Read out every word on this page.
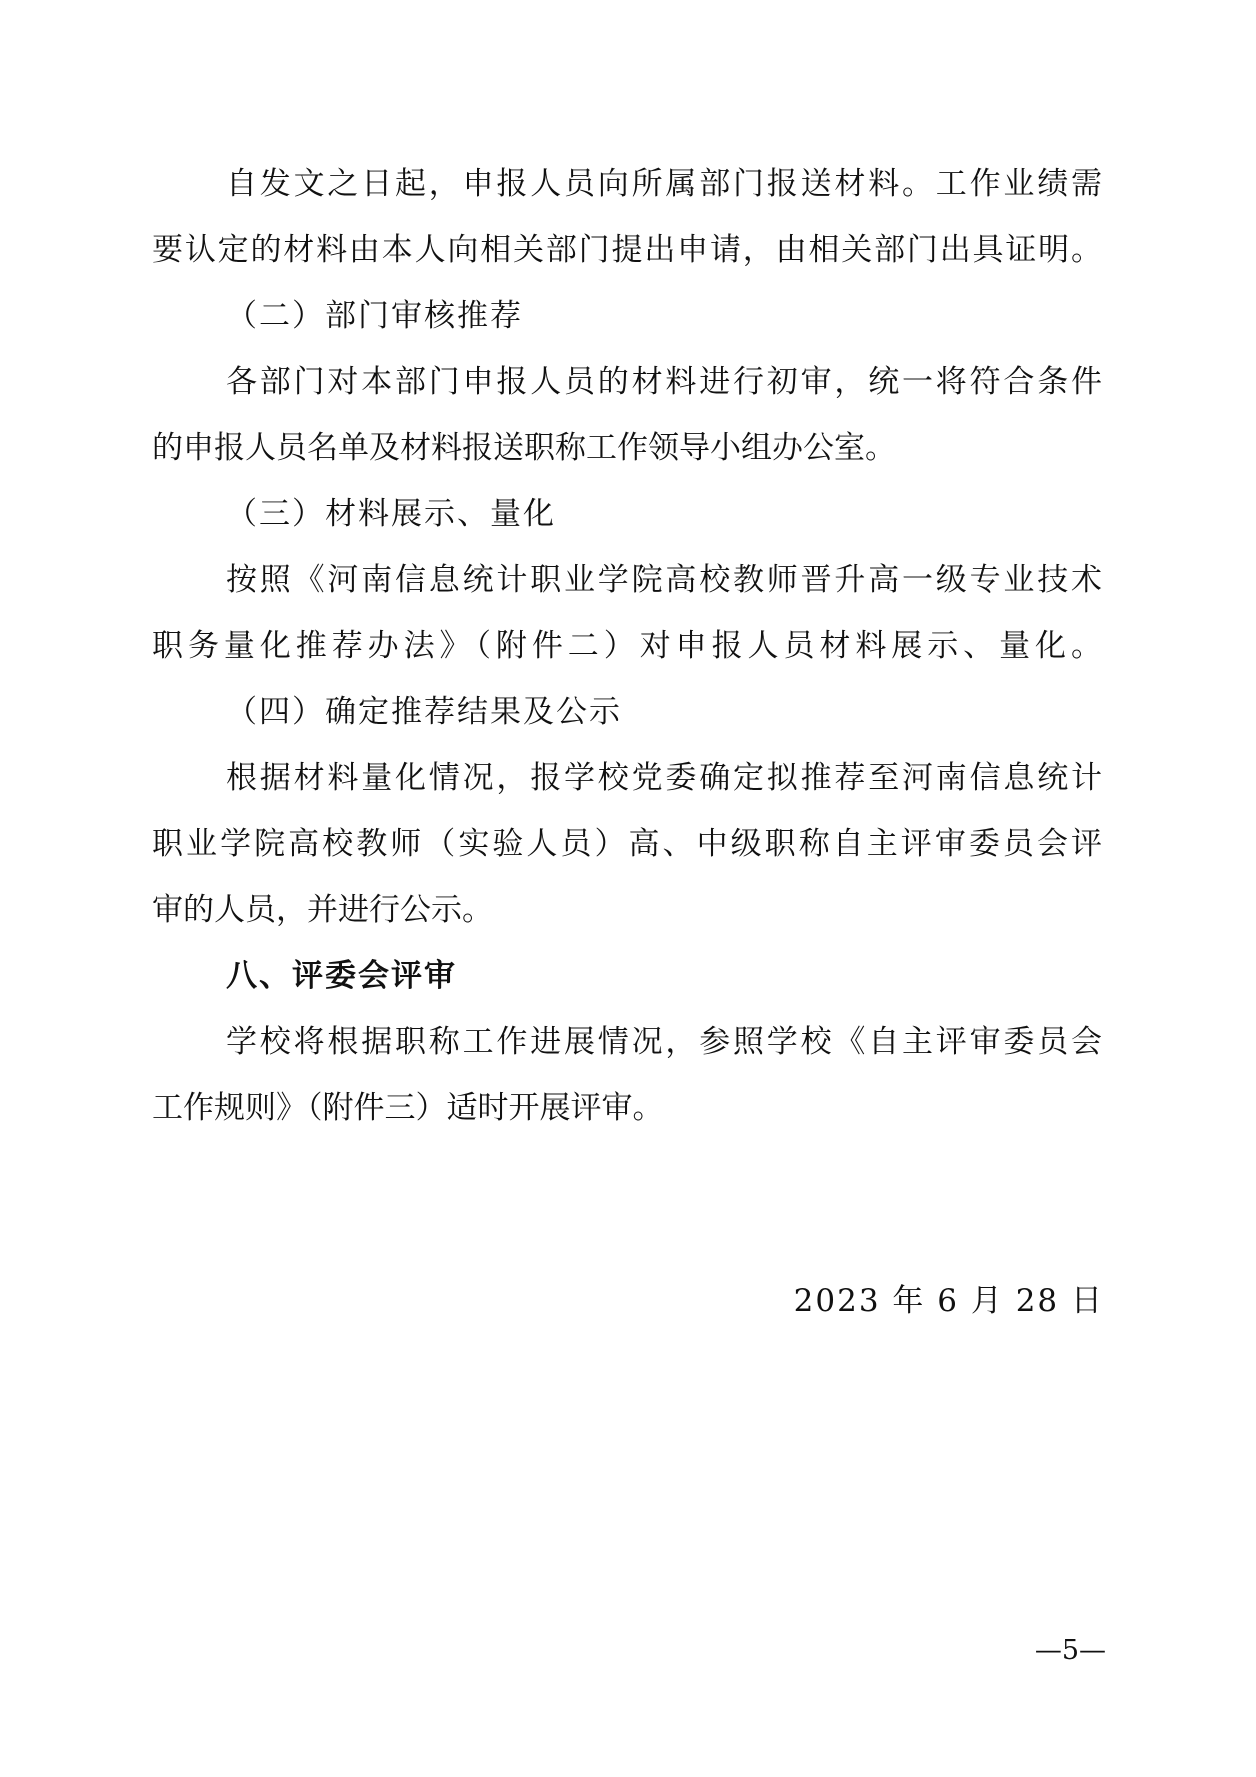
自发文之日起，申报人员向所属部门报送材料。工作业绩需
要认定的材料由本人向相关部门提出申请，由相关部门出具证明。
（二）部门审核推荐
各部门对本部门申报人员的材料进行初审，统一将符合条件
的申报人员名单及材料报送职称工作领导小组办公室。
（三）材料展示、量化
按照《河南信息统计职业学院高校教师晋升高一级专业技术
职务量化推荐办法》（附件二）对申报人员材料展示、量化。
（四）确定推荐结果及公示
根据材料量化情况，报学校党委确定拟推荐至河南信息统计
职业学院高校教师（实验人员）高、中级职称自主评审委员会评
审的人员，并进行公示。
八、评委会评审
学校将根据职称工作进展情况，参照学校《自主评审委员会
工作规则》（附件三）适时开展评审。
2023 年 6 月 28 日
—5—
